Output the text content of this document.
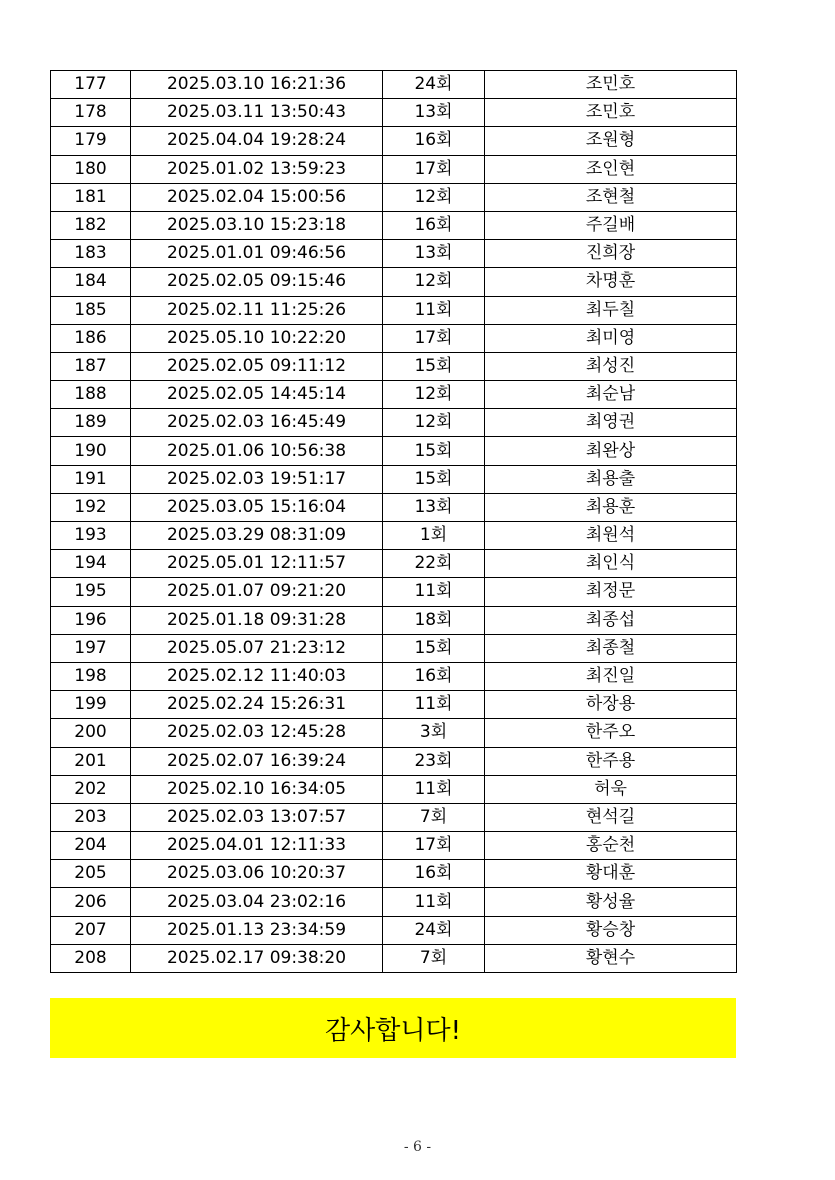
177	2025.03.10 16:21:36	24회	조민호
178	2025.03.11 13:50:43	13회	조민호
179	2025.04.04 19:28:24	16회	조원형
180	2025.01.02 13:59:23	17회	조인현
181	2025.02.04 15:00:56	12회	조현철
182	2025.03.10 15:23:18	16회	주길배
183	2025.01.01 09:46:56	13회	진희장
184	2025.02.05 09:15:46	12회	차명훈
185	2025.02.11 11:25:26	11회	최두칠
186	2025.05.10 10:22:20	17회	최미영
187	2025.02.05 09:11:12	15회	최성진
188	2025.02.05 14:45:14	12회	최순남
189	2025.02.03 16:45:49	12회	최영권
190	2025.01.06 10:56:38	15회	최완상
191	2025.02.03 19:51:17	15회	최용출
192	2025.03.05 15:16:04	13회	최용훈
193	2025.03.29 08:31:09	1회	최원석
194	2025.05.01 12:11:57	22회	최인식
195	2025.01.07 09:21:20	11회	최정문
196	2025.01.18 09:31:28	18회	최종섭
197	2025.05.07 21:23:12	15회	최종철
198	2025.02.12 11:40:03	16회	최진일
199	2025.02.24 15:26:31	11회	하장용
200	2025.02.03 12:45:28	3회	한주오
201	2025.02.07 16:39:24	23회	한주용
202	2025.02.10 16:34:05	11회	허욱
203	2025.02.03 13:07:57	7회	현석길
204	2025.04.01 12:11:33	17회	홍순천
205	2025.03.06 10:20:37	16회	황대훈
206	2025.03.04 23:02:16	11회	황성율
207	2025.01.13 23:34:59	24회	황승창
208	2025.02.17 09:38:20	7회	황현수
감사합니다!
- 6 -
